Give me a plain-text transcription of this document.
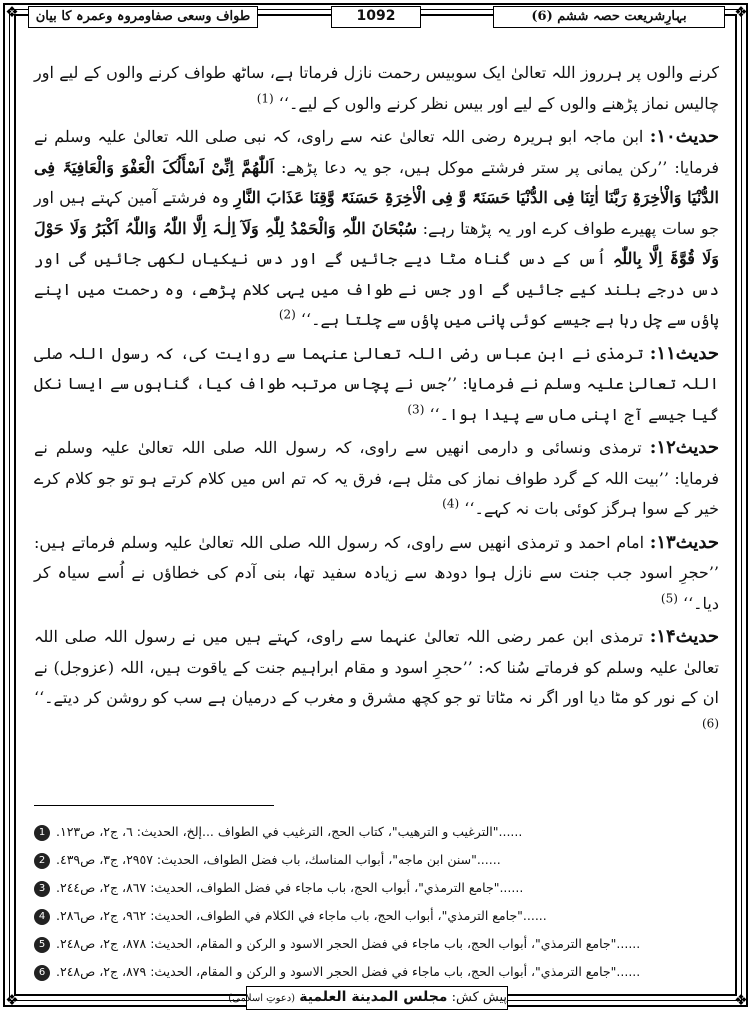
❖	❖
❖	❖
بہارِشریعت حصہ ششم (6)
1092
طواف وسعی صفاومروہ وعمرہ کا بیان

کرنے والوں پر ہرروز اللہ تعالیٰ ایک سوبیس رحمت نازل فرماتا ہے، ساٹھ طواف کرنے والوں کے لیے اور چالیس نماز پڑھنے والوں کے لیے اور بیس نظر کرنے والوں کے لیے۔‘‘ $^{(1)}$

حدیث۱۰: ابن ماجہ ابو ہریرہ رضی اللہ تعالیٰ عنہ سے راوی، کہ نبی صلی اللہ تعالیٰ علیہ وسلم نے فرمایا: ’’رکن یمانی پر ستر فرشتے موکل ہیں، جو یہ دعا پڑھے: اَللّٰھُمَّ اِنِّیْ اَسْأَلُکَ الْعَفْوَ وَالْعَافِیَۃَ فِی الدُّنْیَا وَالْاٰخِرَۃِ رَبَّنَا اٰتِنَا فِی الدُّنْیَا حَسَنَۃً وَّ فِی الْاٰخِرَۃِ حَسَنَۃً وَّقِنَا عَذَابَ النَّارِ وہ فرشتے آمین کہتے ہیں اور جو سات پھیرے طواف کرے اور یہ پڑھتا رہے: سُبْحَانَ اللّٰہِ وَالْحَمْدُ لِلّٰہِ وَلَآ اِلٰـہَ اِلَّا اللّٰہُ وَاللّٰہُ اَکْبَرُ وَلَا حَوْلَ وَلَا قُوَّۃَ اِلَّا بِاللّٰہِ اُس کے دس گناہ مٹا دیے جائیں گے اور دس نیکیاں لکھی جائیں گی اور دس درجے بلند کیے جائیں گے اور جس نے طواف میں یہی کلام پڑھے، وہ رحمت میں اپنے پاؤں سے چل رہا ہے جیسے کوئی پانی میں پاؤں سے چلتا ہے۔‘‘ $^{(2)}$

حدیث۱۱: ترمذی نے ابن عباس رضی اللہ تعالیٰ عنہما سے روایت کی، کہ رسول اللہ صلی اللہ تعالیٰ علیہ وسلم نے فرمایا: ’’جس نے پچاس مرتبہ طواف کیا، گناہوں سے ایسا نکل گیا جیسے آج اپنی ماں سے پیدا ہوا۔‘‘ $^{(3)}$

حدیث۱۲: ترمذی ونسائی و دارمی انھیں سے راوی، کہ رسول اللہ صلی اللہ تعالیٰ علیہ وسلم نے فرمایا: ’’بیت اللہ کے گرد طواف نماز کی مثل ہے، فرق یہ کہ تم اس میں کلام کرتے ہو تو جو کلام کرے خیر کے سوا ہرگز کوئی بات نہ کہے۔‘‘ $^{(4)}$

حدیث۱۳: امام احمد و ترمذی انھیں سے راوی، کہ رسول اللہ صلی اللہ تعالیٰ علیہ وسلم فرماتے ہیں: ’’حجرِ اسود جب جنت سے نازل ہوا دودھ سے زیادہ سفید تھا، بنی آدم کی خطاؤں نے اُسے سیاہ کر دیا۔‘‘ $^{(5)}$

حدیث۱۴: ترمذی ابن عمر رضی اللہ تعالیٰ عنہما سے راوی، کہتے ہیں میں نے رسول اللہ صلی اللہ تعالیٰ علیہ وسلم کو فرماتے سُنا کہ: ’’حجرِ اسود و مقام ابراہیم جنت کے یاقوت ہیں، اللہ (عزوجل) نے ان کے نور کو مٹا دیا اور اگر نہ مٹاتا تو جو کچھ مشرق و مغرب کے درمیان ہے سب کو روشن کر دیتے۔‘‘ $^{(6)}$

1 ......"الترغيب و الترهيب"، كتاب الحج، الترغيب في الطواف ...إلخ، الحديث: ٦، ج٢، ص١٢٣.
2 ......"سنن ابن ماجه"، أبواب المناسك، باب فضل الطواف، الحديث: ٢٩٥٧، ج٣، ص٤٣٩.
3 ......"جامع الترمذي"، أبواب الحج، باب ماجاء في فضل الطواف، الحديث: ٨٦٧، ج٢، ص٢٤٤.
4 ......"جامع الترمذي"، أبواب الحج، باب ماجاء في الكلام في الطواف، الحديث: ٩٦٢، ج٢، ص٢٨٦.
5 ......"جامع الترمذي"، أبواب الحج، باب ماجاء في فضل الحجر الاسود و الركن و المقام، الحديث: ٨٧٨، ج٢، ص٢٤٨.
6 ......"جامع الترمذي"، أبواب الحج، باب ماجاء في فضل الحجر الاسود و الركن و المقام، الحديث: ٨٧٩، ج٢، ص٢٤٨.
پیش کش: مجلس المدينة العلمية (دعوتِ اسلامی)
